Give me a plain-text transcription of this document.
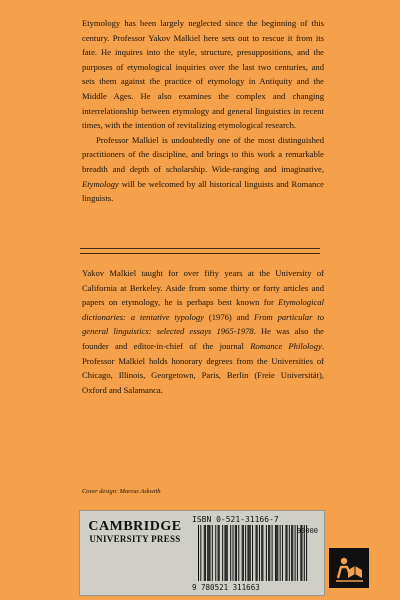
Etymology has been largely neglected since the beginning of this century. Professor Yakov Malkiel here sets out to rescue it from its fate. He inquires into the style, structure, presuppositions, and the purposes of etymological inquiries over the last two centuries, and sets them against the practice of etymology in Antiquity and the Middle Ages. He also examines the complex and changing interrelationship between etymology and general linguistics in recent times, with the intention of revitalizing etymological research.

Professor Malkiel is undoubtedly one of the most distinguished practitioners of the discipline, and brings to this work a remarkable breadth and depth of scholarship. Wide-ranging and imaginative, Etymology will be welcomed by all historical linguists and Romance linguists.

Yakov Malkiel taught for over fifty years at the University of California at Berkeley. Aside from some thirty or forty articles and papers on etymology, he is perhaps best known for Etymological dictionaries: a tentative typology (1976) and From particular to general linguistics: selected essays 1965-1978. He was also the founder and editor-in-chief of the journal Romance Philology. Professor Malkiel holds honorary degrees from the Universities of Chicago, Illinois, Georgetown, Paris, Berlin (Freie Universität), Oxford and Salamanca.

Cover design: Marcus Askwith
CAMBRIDGE
UNIVERSITY PRESS
ISBN 0-521-31166-7
90000
9 780521 311663
